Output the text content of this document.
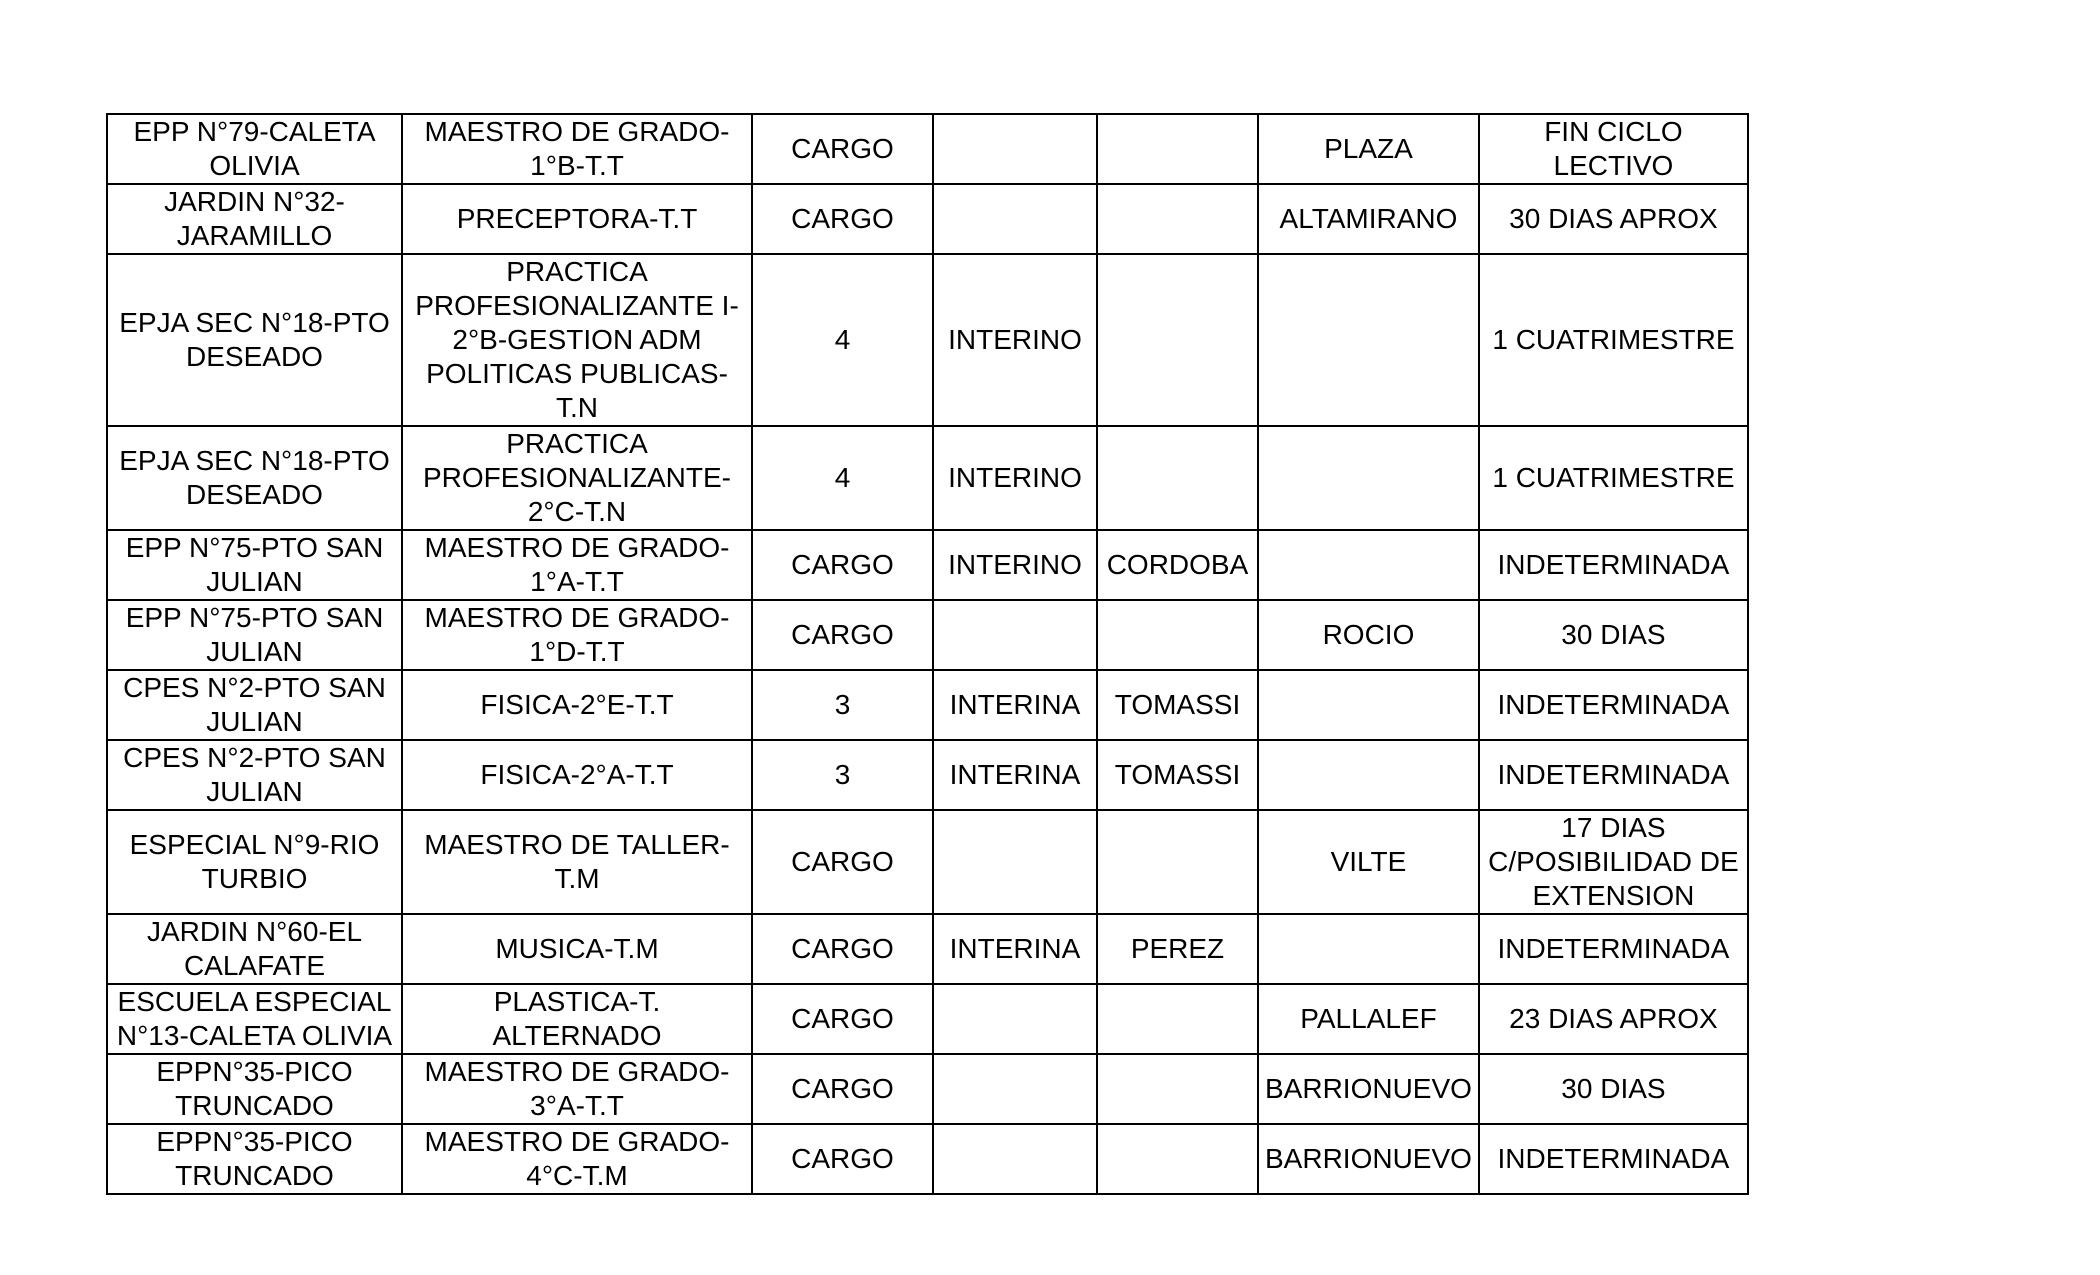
EPP N°79-CALETA OLIVIA	MAESTRO DE GRADO-1°B-T.T	CARGO			PLAZA	FIN CICLO LECTIVO
JARDIN N°32-JARAMILLO	PRECEPTORA-T.T	CARGO			ALTAMIRANO	30 DIAS APROX
EPJA SEC N°18-PTO DESEADO	PRACTICA PROFESIONALIZANTE I-2°B-GESTION ADM POLITICAS PUBLICAS-T.N	4	INTERINO			1 CUATRIMESTRE
EPJA SEC N°18-PTO DESEADO	PRACTICA PROFESIONALIZANTE-2°C-T.N	4	INTERINO			1 CUATRIMESTRE
EPP N°75-PTO SAN JULIAN	MAESTRO DE GRADO-1°A-T.T	CARGO	INTERINO	CORDOBA		INDETERMINADA
EPP N°75-PTO SAN JULIAN	MAESTRO DE GRADO-1°D-T.T	CARGO			ROCIO	30 DIAS
CPES N°2-PTO SAN JULIAN	FISICA-2°E-T.T	3	INTERINA	TOMASSI		INDETERMINADA
CPES N°2-PTO SAN JULIAN	FISICA-2°A-T.T	3	INTERINA	TOMASSI		INDETERMINADA
ESPECIAL N°9-RIO TURBIO	MAESTRO DE TALLER-T.M	CARGO			VILTE	17 DIAS C/POSIBILIDAD DE EXTENSION
JARDIN N°60-EL CALAFATE	MUSICA-T.M	CARGO	INTERINA	PEREZ		INDETERMINADA
ESCUELA ESPECIAL N°13-CALETA OLIVIA	PLASTICA-T. ALTERNADO	CARGO			PALLALEF	23 DIAS APROX
EPPN°35-PICO TRUNCADO	MAESTRO DE GRADO-3°A-T.T	CARGO			BARRIONUEVO	30 DIAS
EPPN°35-PICO TRUNCADO	MAESTRO DE GRADO-4°C-T.M	CARGO			BARRIONUEVO	INDETERMINADA
